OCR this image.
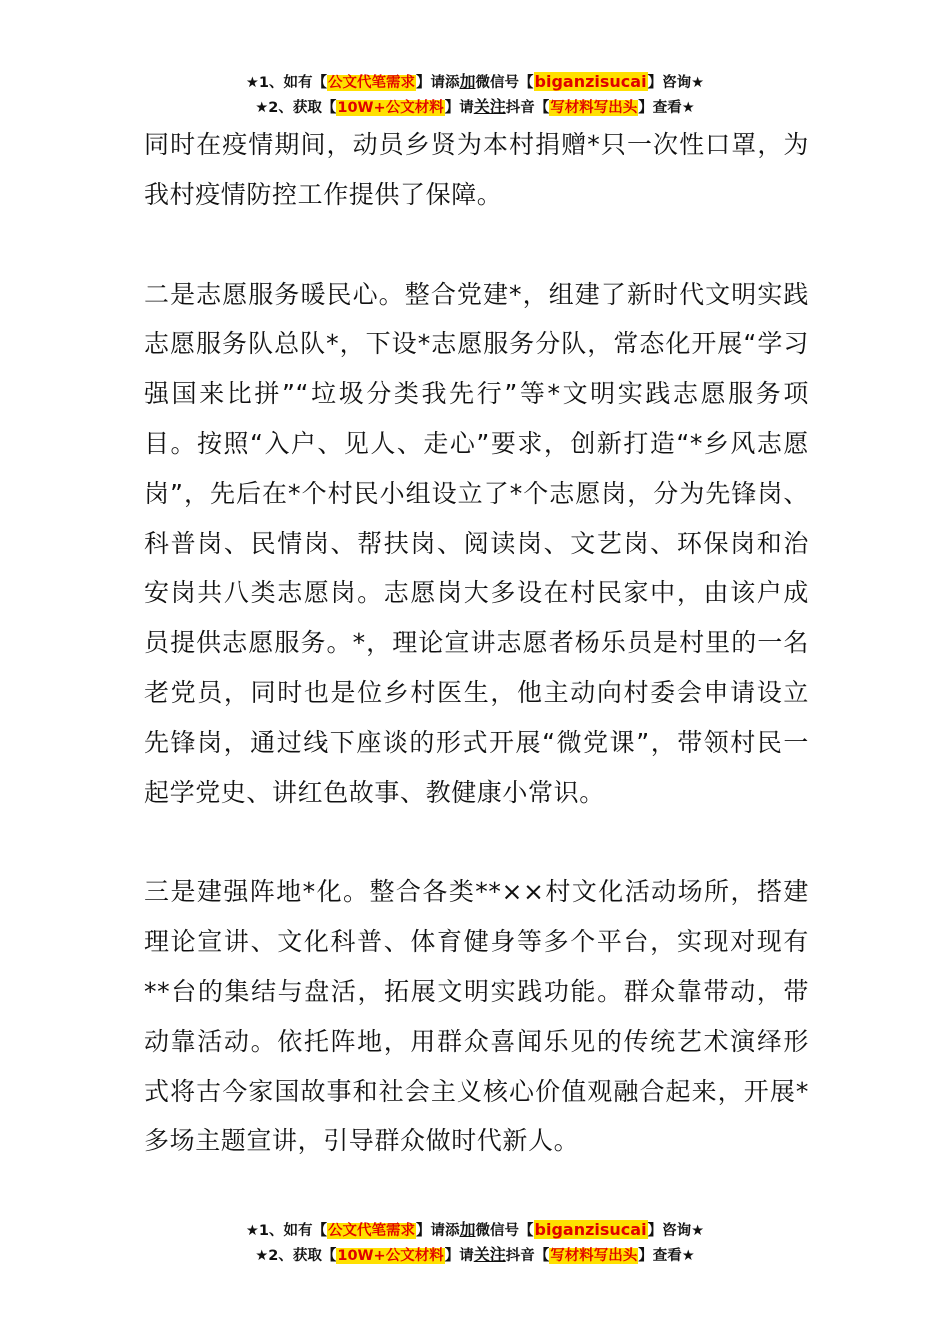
★1、如有【公文代笔需求】请添加微信号【biganzisucai】咨询★
★2、获取【10W+公文材料】请关注抖音【写材料写出头】查看★

同时在疫情期间，动员乡贤为本村捐赠*只一次性口罩，为我村疫情防控工作提供了保障。

二是志愿服务暖民心。整合党建*，组建了新时代文明实践志愿服务队总队*，下设*志愿服务分队，常态化开展“学习强国来比拼”“垃圾分类我先行”等*文明实践志愿服务项目。按照“入户、见人、走心”要求，创新打造“*乡风志愿岗”，先后在*个村民小组设立了*个志愿岗，分为先锋岗、科普岗、民情岗、帮扶岗、阅读岗、文艺岗、环保岗和治安岗共八类志愿岗。志愿岗大多设在村民家中，由该户成员提供志愿服务。*，理论宣讲志愿者杨乐员是村里的一名老党员，同时也是位乡村医生，他主动向村委会申请设立先锋岗，通过线下座谈的形式开展“微党课”，带领村民一起学党史、讲红色故事、教健康小常识。

三是建强阵地*化。整合各类**××村文化活动场所，搭建理论宣讲、文化科普、体育健身等多个平台，实现对现有**台的集结与盘活，拓展文明实践功能。群众靠带动，带动靠活动。依托阵地，用群众喜闻乐见的传统艺术演绎形式将古今家国故事和社会主义核心价值观融合起来，开展*多场主题宣讲，引导群众做时代新人。

★1、如有【公文代笔需求】请添加微信号【biganzisucai】咨询★
★2、获取【10W+公文材料】请关注抖音【写材料写出头】查看★
